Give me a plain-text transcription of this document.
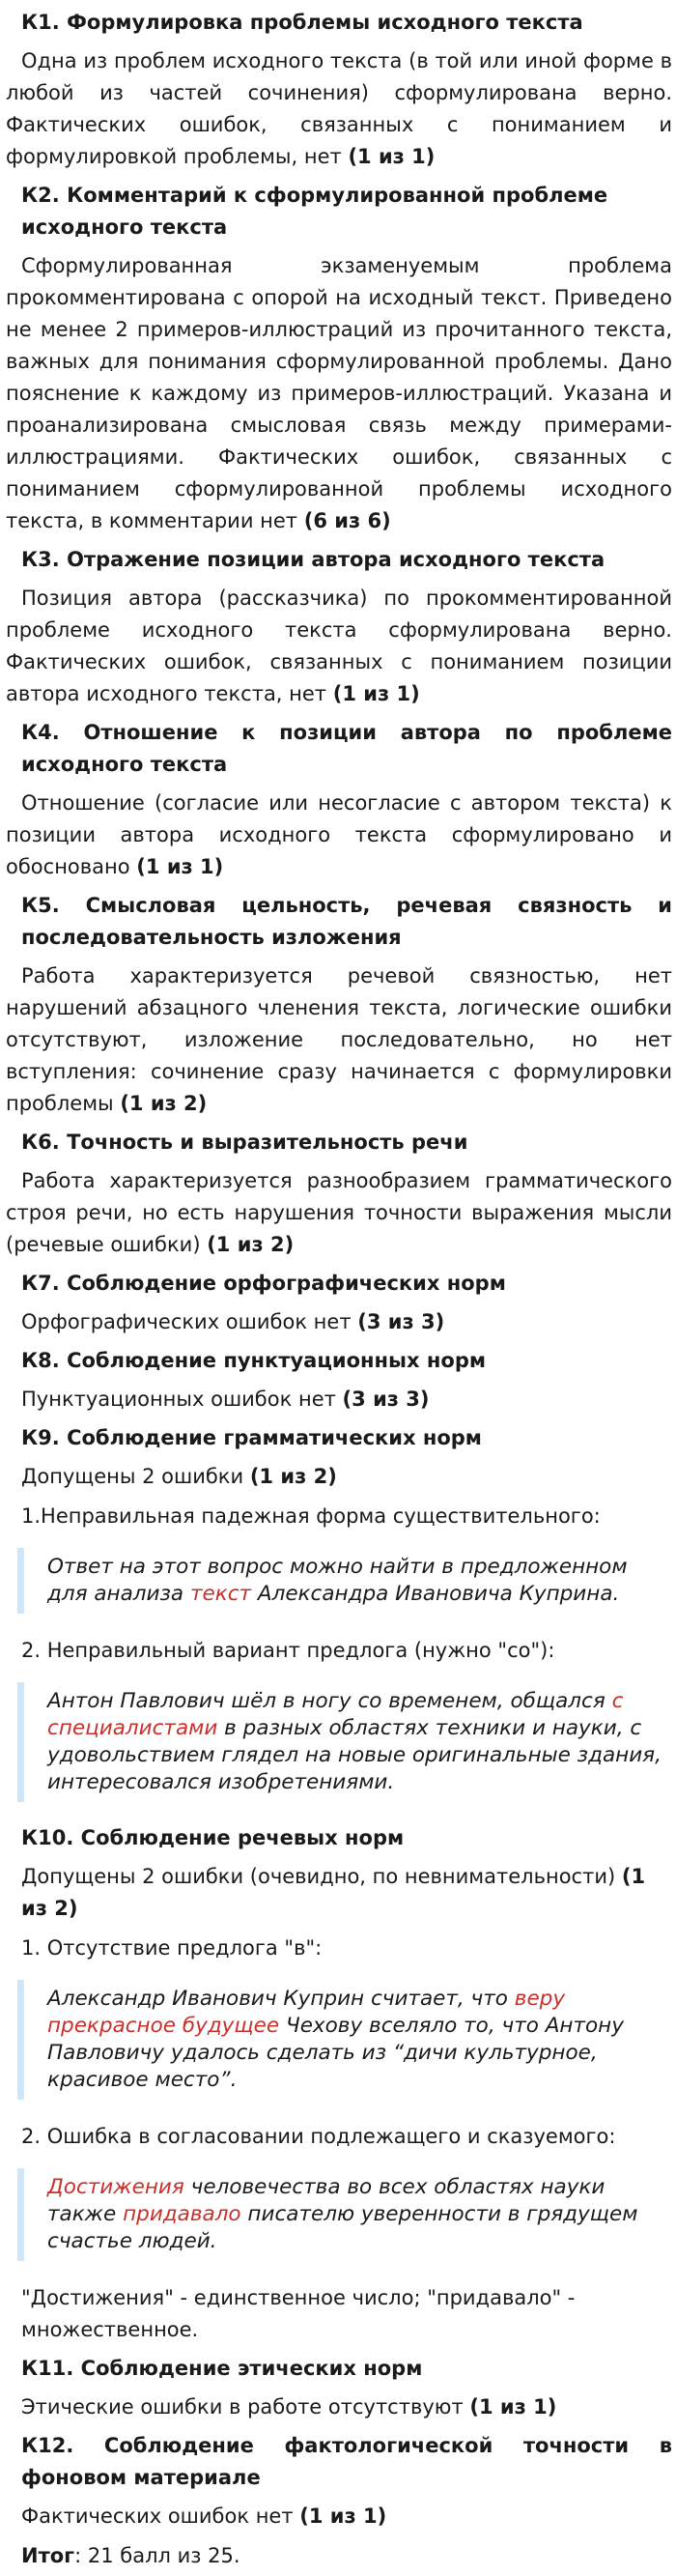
К1. Формулировка проблемы исходного текста

Одна из проблем исходного текста (в той или иной форме в любой из частей сочинения) сформулирована верно. Фактических ошибок, связанных с пониманием и формулировкой проблемы, нет (1 из 1)

К2. Комментарий к сформулированной проблеме исходного текста

Сформулированная экзаменуемым проблема прокомментирована с опорой на исходный текст. Приведено не менее 2 примеров-иллюстраций из прочитанного текста, важных для понимания сформулированной проблемы. Дано пояснение к каждому из примеров-иллюстраций. Указана и проанализирована смысловая связь между примерами-иллюстрациями. Фактических ошибок, связанных с пониманием сформулированной проблемы исходного текста, в комментарии нет (6 из 6)

К3. Отражение позиции автора исходного текста

Позиция автора (рассказчика) по прокомментированной проблеме исходного текста сформулирована верно. Фактических ошибок, связанных с пониманием позиции автора исходного текста, нет (1 из 1)

К4. Отношение к позиции автора по проблеме исходного текста

Отношение (согласие или несогласие с автором текста) к позиции автора исходного текста сформулировано и обосновано (1 из 1)

К5. Смысловая цельность, речевая связность и последовательность изложения

Работа характеризуется речевой связностью, нет нарушений абзацного членения текста, логические ошибки отсутствуют, изложение последовательно, но нет вступления: сочинение сразу начинается с формулировки проблемы (1 из 2)

К6. Точность и выразительность речи

Работа характеризуется разнообразием грамматического строя речи, но есть нарушения точности выражения мысли (речевые ошибки) (1 из 2)

К7. Соблюдение орфографических норм

Орфографических ошибок нет (3 из 3)

К8. Соблюдение пунктуационных норм

Пунктуационных ошибок нет (3 из 3)

К9. Соблюдение грамматических норм

Допущены 2 ошибки (1 из 2)

1.Неправильная падежная форма существительного:

Ответ на этот вопрос можно найти в предложенном для анализа текст Александра Ивановича Куприна.

2. Неправильный вариант предлога (нужно "со"):

Антон Павлович шёл в ногу со временем, общался с специалистами в разных областях техники и науки, с удовольствием глядел на новые оригинальные здания, интересовался изобретениями.

К10. Соблюдение речевых норм

Допущены 2 ошибки (очевидно, по невнимательности) (1 из 2)

1. Отсутствие предлога "в":

Александр Иванович Куприн считает, что веру прекрасное будущее Чехову вселяло то, что Антону Павловичу удалось сделать из “дичи культурное, красивое место”.

2. Ошибка в согласовании подлежащего и сказуемого:

Достижения человечества во всех областях науки также придавало писателю уверенности в грядущем счастье людей.

"Достижения" - единственное число; "придавало" - множественное.

К11. Соблюдение этических норм

Этические ошибки в работе отсутствуют (1 из 1)

К12. Соблюдение фактологической точности в фоновом материале

Фактических ошибок нет (1 из 1)

Итог: 21 балл из 25.
